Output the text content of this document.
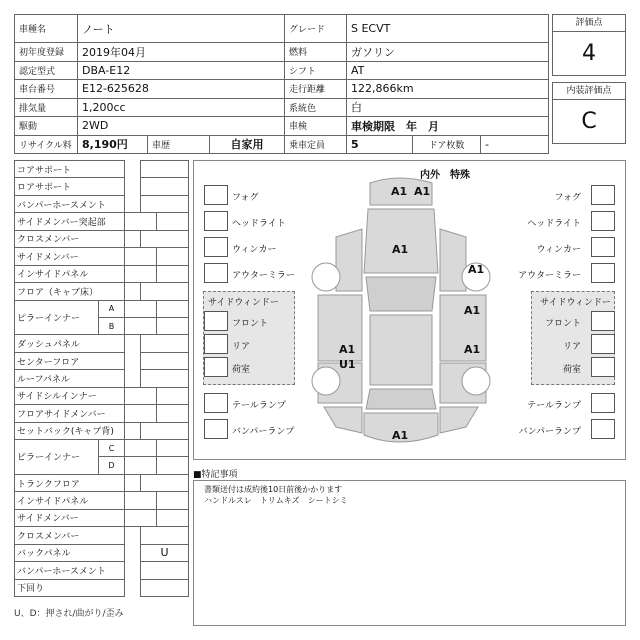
車種名	ノート			グレード	S ECVT		
初年度登録	2019年04月			燃料	ガソリン		
認定型式	DBA-E12			シフト	AT		
車台番号	E12-625628			走行距離	122,866km		
排気量	1,200cc			系統色	白		
駆動	2WD			車検	車検期限　年　月		
リサイクル料	8,190円	車歴	自家用	乗車定員	5	ドア枚数	-
評価点
4
内装評価点
C
コアサポート				
ロアサポート				
バンパーホースメント				
サイドメンバー突起部				
クロスメンバー				
サイドメンバー				
インサイドパネル				
フロア（キャブ床）				
ピラーインナー	A			
	B			
ダッシュパネル				
センターフロア				
ルーフパネル				
サイドシルインナー				
フロアサイドメンバー				
セットバック(キャブ背)				
ピラーインナー	C			
	D			
トランクフロア				
インサイドパネル				
サイドメンバー				
クロスメンバー				
バックパネル			U	
バンパーホースメント				
下回り				
U、D：押され/曲がり/歪み
内外　特殊
A1 A1
A1
A1
A1
A1
U1
A1
A1
フォグ
ヘッドライト
ウィンカー
アウターミラー
サイドウィンドー
フロント
リア
荷室
テールランプ
バンパーランプ
フォグ
ヘッドライト
ウィンカー
アウターミラー
サイドウィンドー
フロント
リア
荷室
テールランプ
バンパーランプ
■特記事項
書類送付は成約後10日前後かかります
ハンドルスレ　トリムキズ　シートシミ
